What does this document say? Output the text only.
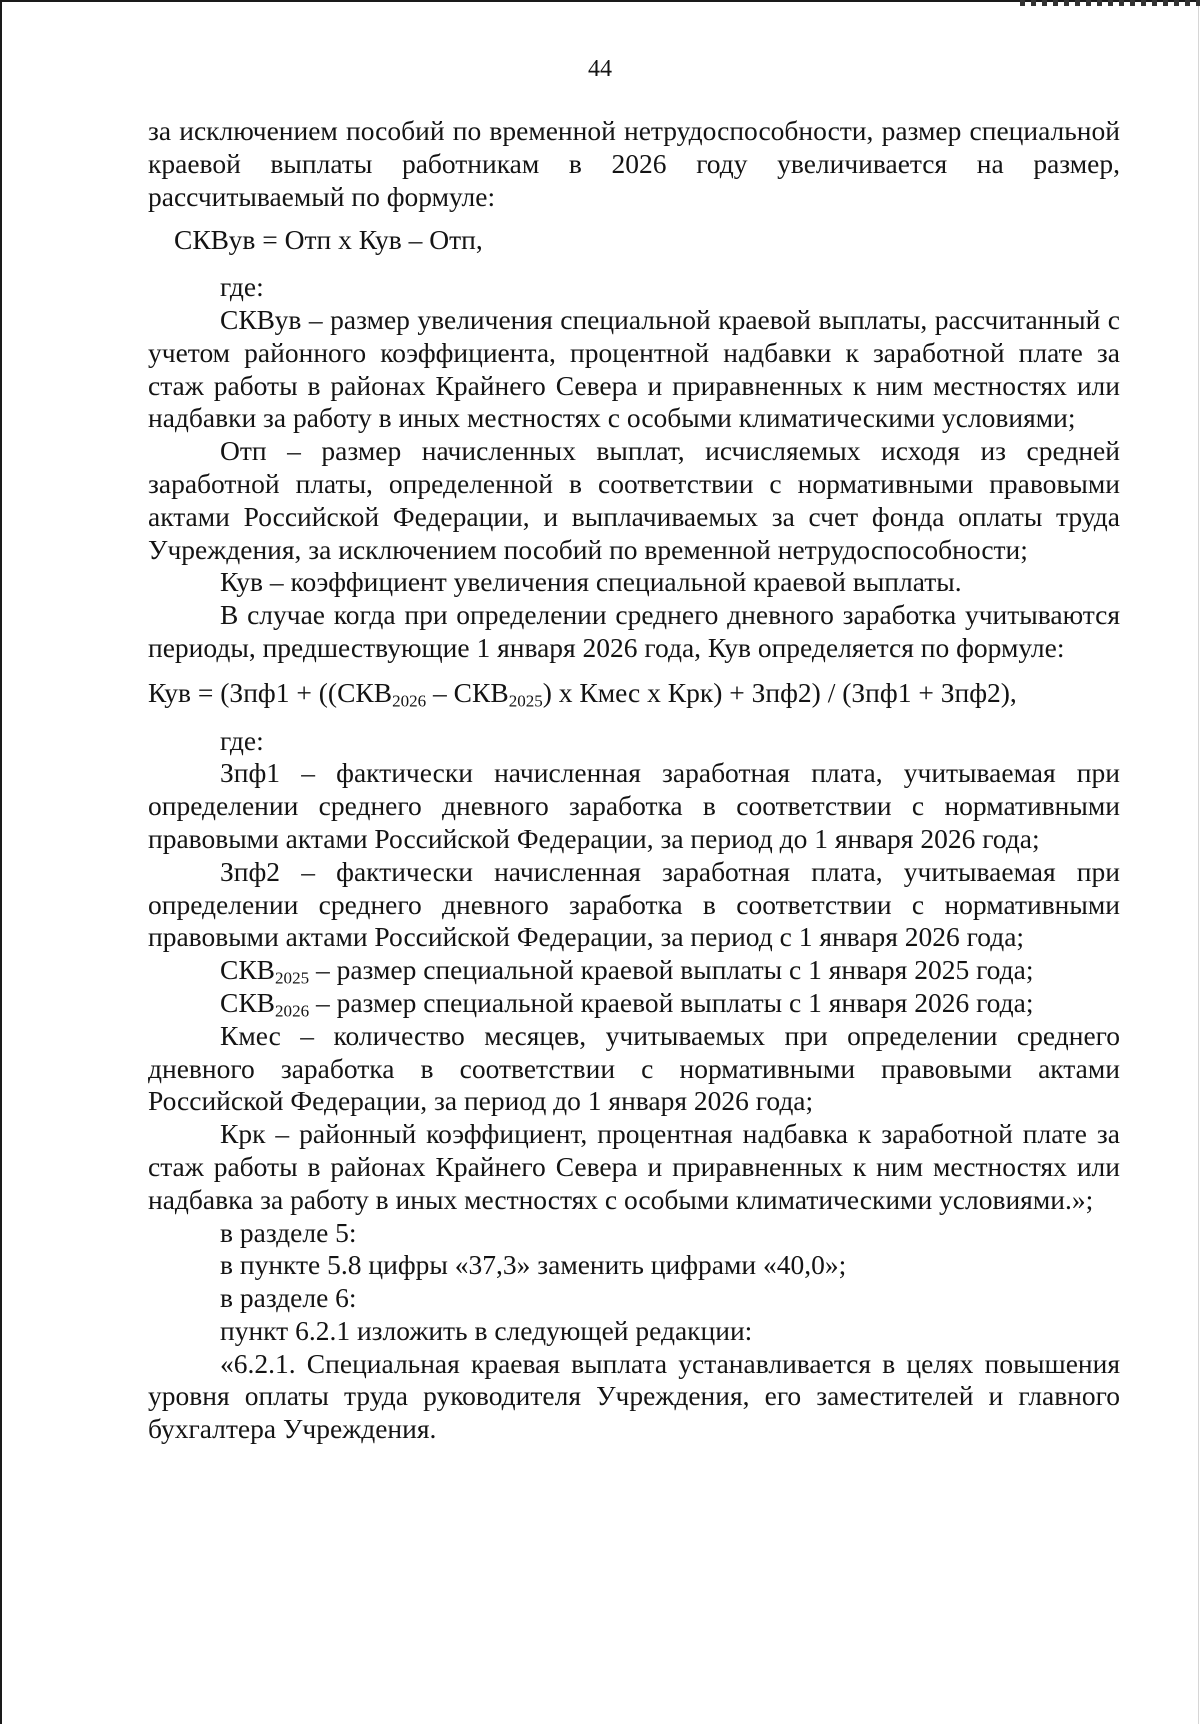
44

за исключением пособий по временной нетрудоспособности, размер специальной краевой выплаты работникам в 2026 году увеличивается на размер, рассчитываемый по формуле:

СКВув = Отп х Кув – Отп,

где:

СКВув – размер увеличения специальной краевой выплаты, рассчитанный с учетом районного коэффициента, процентной надбавки к заработной плате за стаж работы в районах Крайнего Севера и приравненных к ним местностях или надбавки за работу в иных местностях с особыми климатическими условиями;

Отп – размер начисленных выплат, исчисляемых исходя из средней заработной платы, определенной в соответствии с нормативными правовыми актами Российской Федерации, и выплачиваемых за счет фонда оплаты труда Учреждения, за исключением пособий по временной нетрудоспособности;

Кув – коэффициент увеличения специальной краевой выплаты.

В случае когда при определении среднего дневного заработка учитываются периоды, предшествующие 1 января 2026 года, Кув определяется по формуле:

Кув = ($Зпф1 + ((СКВ_{2026} - СКВ_{2025})$ х Кмес х Крк) + Зпф2) / (Зпф1 + Зпф2),

где:

Зпф1 – фактически начисленная заработная плата, учитываемая при определении среднего дневного заработка в соответствии с нормативными правовыми актами Российской Федерации, за период до 1 января 2026 года;

Зпф2 – фактически начисленная заработная плата, учитываемая при определении среднего дневного заработка в соответствии с нормативными правовыми актами Российской Федерации, за период с 1 января 2026 года;

$СКВ_{2025}$ – размер специальной краевой выплаты с 1 января 2025 года;

$СКВ_{2026}$ – размер специальной краевой выплаты с 1 января 2026 года;

Кмес – количество месяцев, учитываемых при определении среднего дневного заработка в соответствии с нормативными правовыми актами Российской Федерации, за период до 1 января 2026 года;

Крк – районный коэффициент, процентная надбавка к заработной плате за стаж работы в районах Крайнего Севера и приравненных к ним местностях или надбавка за работу в иных местностях с особыми климатическими условиями.»;

в разделе 5:

в пункте 5.8 цифры «37,3» заменить цифрами «40,0»;

в разделе 6:

пункт 6.2.1 изложить в следующей редакции:

«6.2.1. Специальная краевая выплата устанавливается в целях повышения уровня оплаты труда руководителя Учреждения, его заместителей и главного бухгалтера Учреждения.
